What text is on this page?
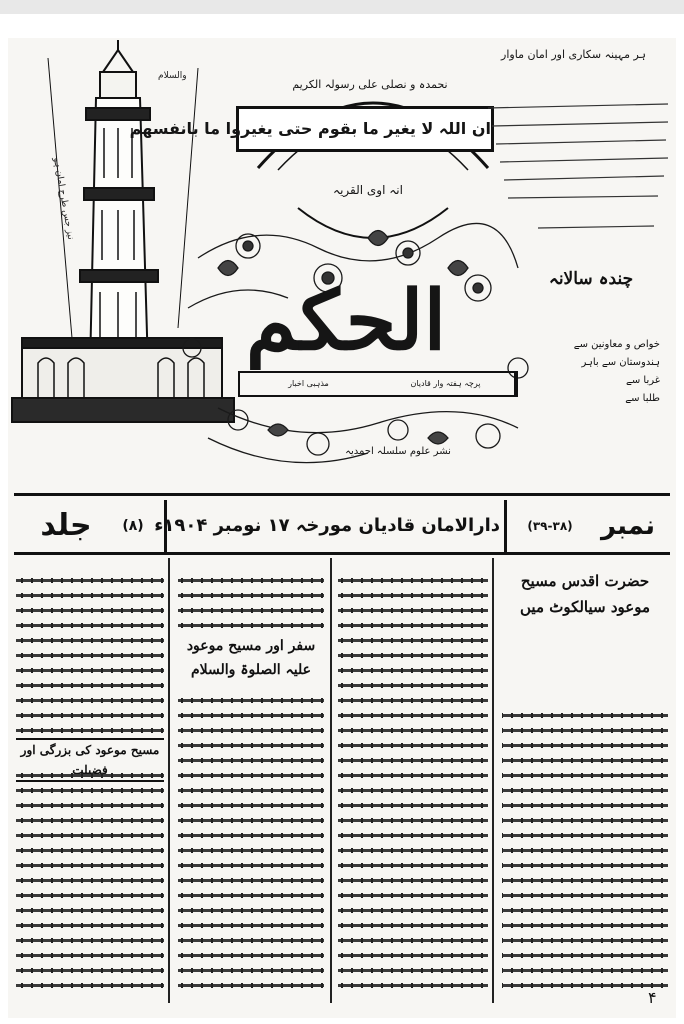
ہر مہینہ سکاری اور امان ماوار
نیز جس طرح امان ہو
والسلام
نحمدہ و نصلی علی رسولہ الکریم
ان اللہ لا یغیر ما بقوم حتی یغیروا ما بانفسھم
انہ اوی القریہ
الحکم
مذہبی اخبار	پرچہ ہفتہ وار قادیان
نشر علوم سلسلہ احمدیہ
چندہ سالانہ
خواص و معاونین سے
ہندوستان سے باہر
غربا سے
طلبا سے
جلد	(۸) دارالامان قادیان مورخہ ۱۷ نومبر ۱۹۰۴ء	(۳۹-۳۸)	نمبر
حضرت اقدس مسیح موعود سیالکوٹ میں
سفر اور مسیح موعود علیہ الصلوۃ والسلام
مسیح موعود کی بزرگی اور
۴
